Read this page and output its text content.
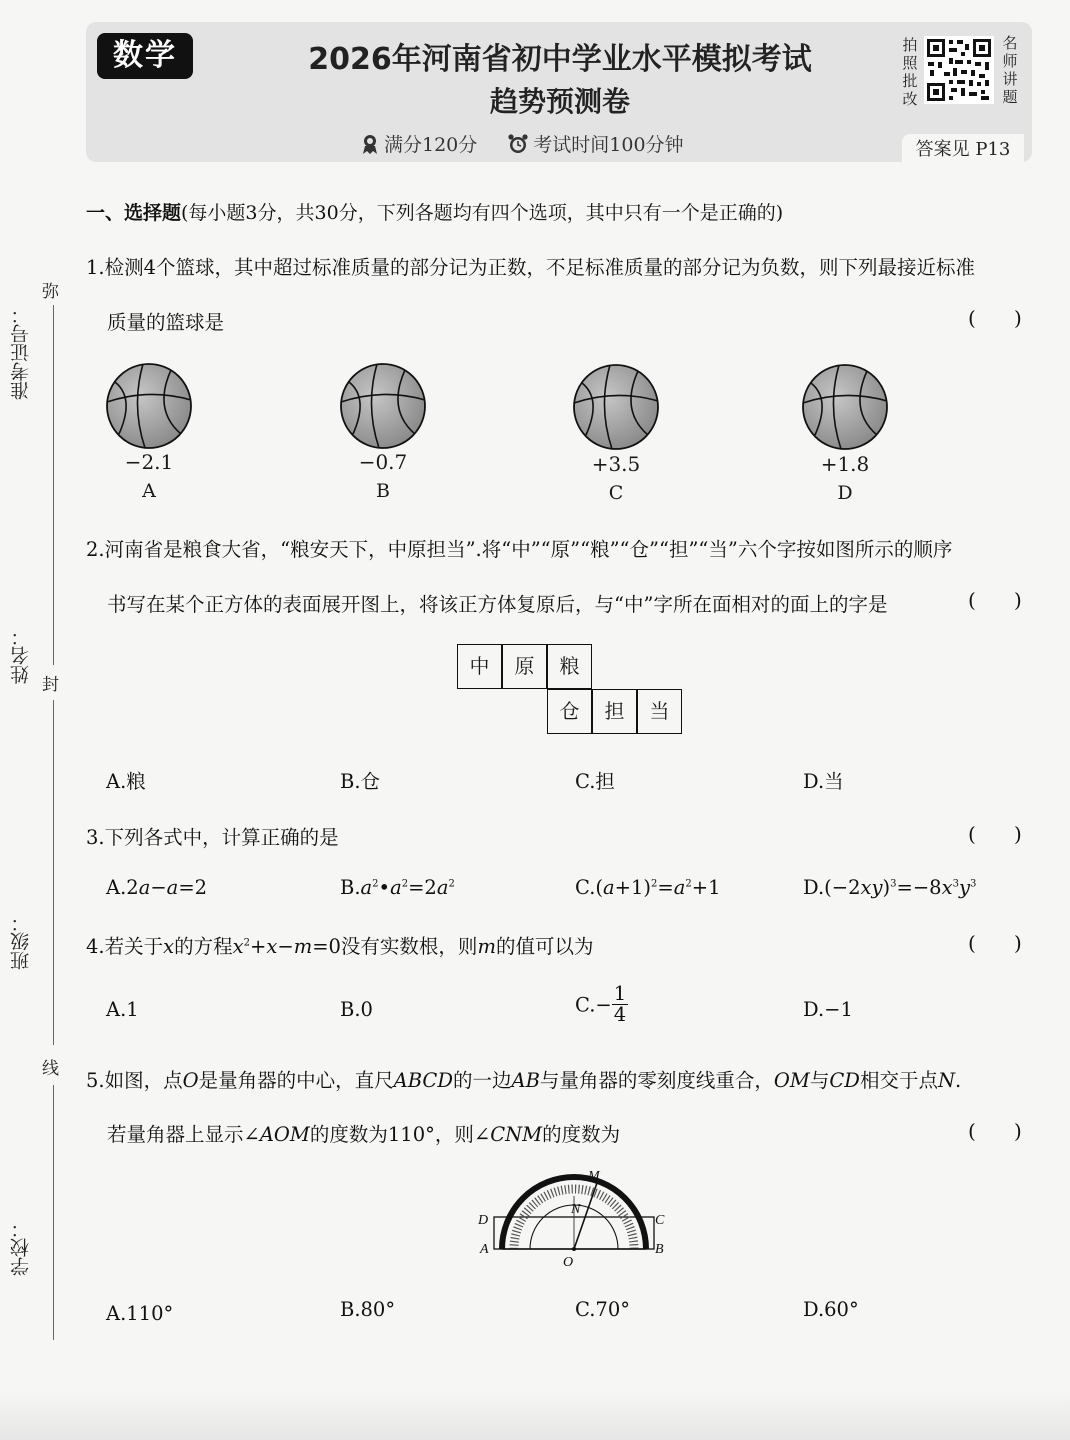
数学	2026年河南省初中学业水平模拟考试
趋势预测卷
满分120分	考试时间100分钟
拍
照
批
改
名
师
讲
题
答案见 P13
准考证号：
姓名：
班级：
学校：
弥
封
线
一、选择题(每小题3分，共30分，下列各题均有四个选项，其中只有一个是正确的)
1.检测4个篮球，其中超过标准质量的部分记为正数，不足标准质量的部分记为负数，则下列最接近标准
质量的篮球是	(      )
−2.1
A
−0.7
B
+3.5
C
+1.8
D
2.河南省是粮食大省，“粮安天下，中原担当”.将“中”“原”“粮”“仓”“担”“当”六个字按如图所示的顺序
书写在某个正方体的表面展开图上，将该正方体复原后，与“中”字所在面相对的面上的字是	(      )
中	原	粮
仓	担	当
A.粮	B.仓	C.担	D.当
3.下列各式中，计算正确的是	(      )
A.2a−a=2	$B.a^2•a^2=2a^2$	$C.(a+1)^2=a^2+1$	$D.(-2xy)^3=-8x^3y^3$
4.若关于x的方程$x^2+x-m=0$没有实数根，则m的值可以为	(      )
A.1	B.0	$C.- \frac{1}{4}$	D.−1
5.如图，点O是量角器的中心，直尺ABCD的一边AB与量角器的零刻度线重合，OM与CD相交于点N.
若量角器上显示∠AOM的度数为110°，则∠CNM的度数为	(      )
M
N
D	C
A	B
O
A.110°	B.80°	C.70°	D.60°
